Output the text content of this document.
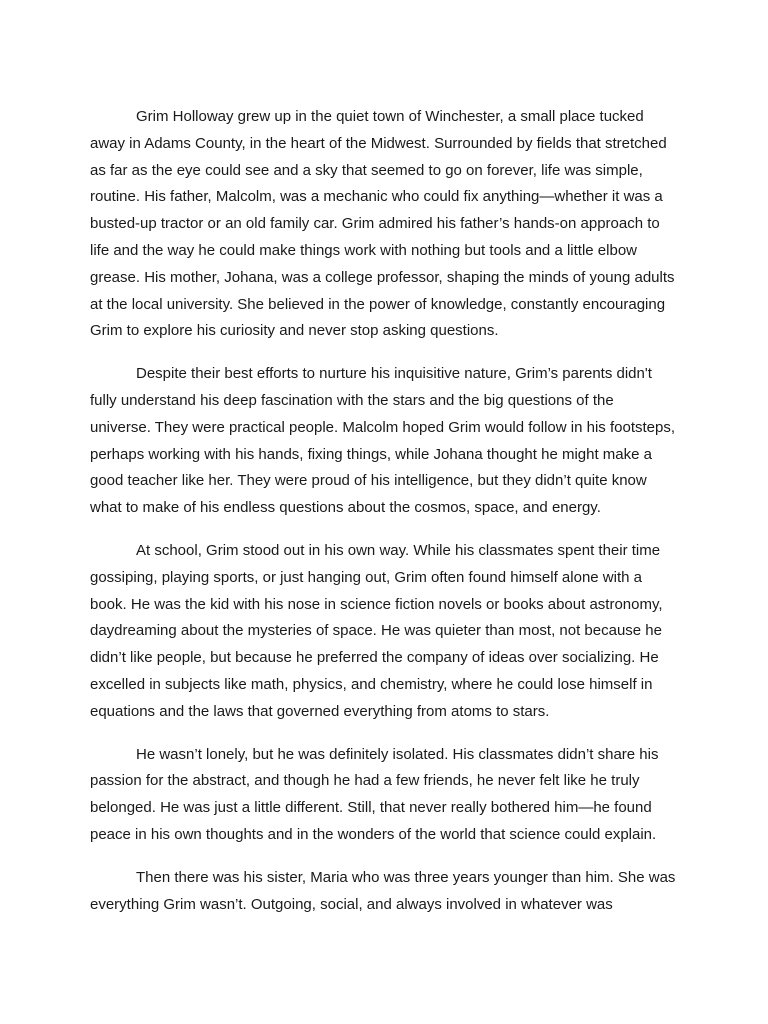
Grim Holloway grew up in the quiet town of Winchester, a small place tucked away in Adams County, in the heart of the Midwest. Surrounded by fields that stretched as far as the eye could see and a sky that seemed to go on forever, life was simple, routine. His father, Malcolm, was a mechanic who could fix anything—whether it was a busted-up tractor or an old family car. Grim admired his father’s hands-on approach to life and the way he could make things work with nothing but tools and a little elbow grease. His mother, Johana, was a college professor, shaping the minds of young adults at the local university. She believed in the power of knowledge, constantly encouraging Grim to explore his curiosity and never stop asking questions.

Despite their best efforts to nurture his inquisitive nature, Grim’s parents didn't fully understand his deep fascination with the stars and the big questions of the universe. They were practical people. Malcolm hoped Grim would follow in his footsteps, perhaps working with his hands, fixing things, while Johana thought he might make a good teacher like her. They were proud of his intelligence, but they didn’t quite know what to make of his endless questions about the cosmos, space, and energy.

At school, Grim stood out in his own way. While his classmates spent their time gossiping, playing sports, or just hanging out, Grim often found himself alone with a book. He was the kid with his nose in science fiction novels or books about astronomy, daydreaming about the mysteries of space. He was quieter than most, not because he didn’t like people, but because he preferred the company of ideas over socializing. He excelled in subjects like math, physics, and chemistry, where he could lose himself in equations and the laws that governed everything from atoms to stars.

He wasn’t lonely, but he was definitely isolated. His classmates didn’t share his passion for the abstract, and though he had a few friends, he never felt like he truly belonged. He was just a little different. Still, that never really bothered him—he found peace in his own thoughts and in the wonders of the world that science could explain.

Then there was his sister, Maria who was three years younger than him. She was everything Grim wasn’t. Outgoing, social, and always involved in whatever was
